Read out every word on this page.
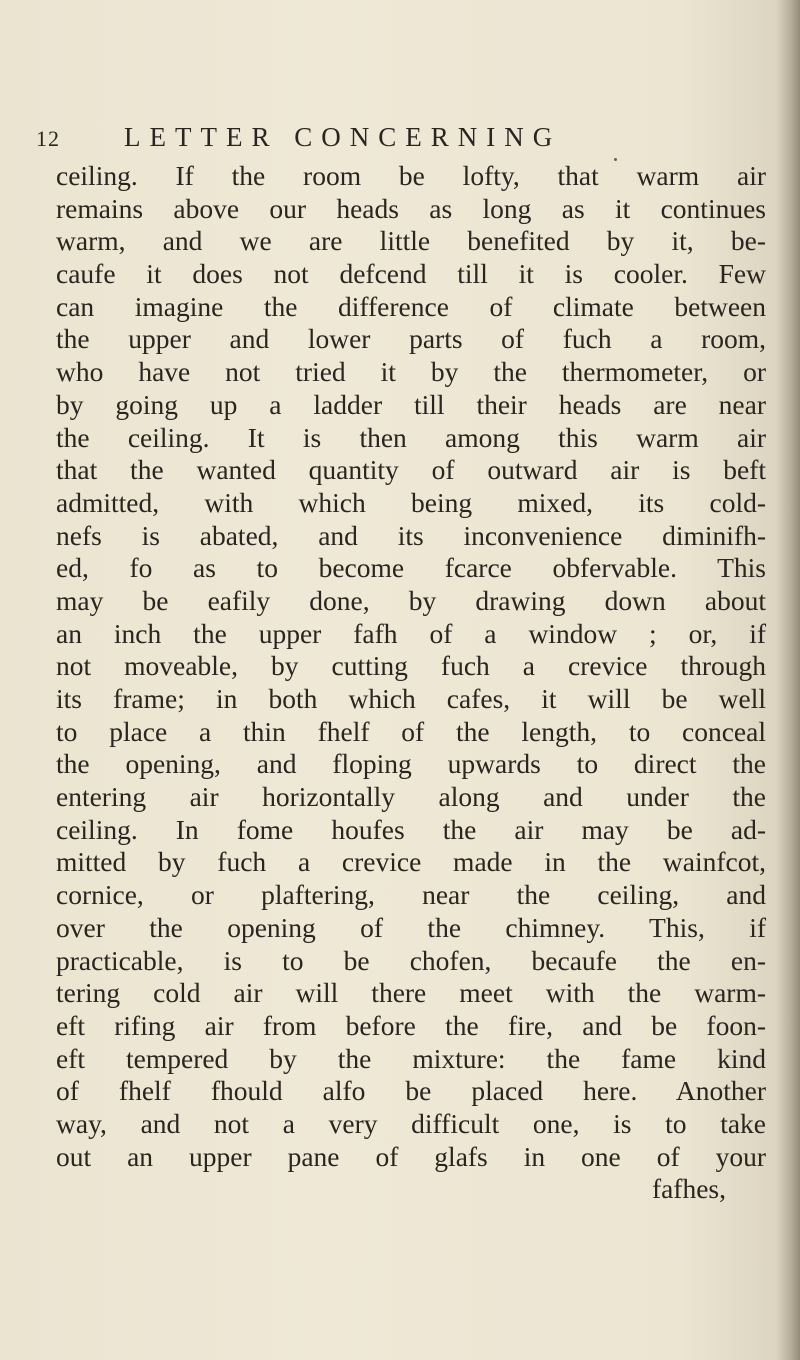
12 LETTER CONCERNING
ceiling. If the room be lofty, that warm air
remains above our heads as long as it continues
warm, and we are little benefited by it, be-
caufe it does not defcend till it is cooler. Few
can imagine the difference of climate between
the upper and lower parts of fuch a room,
who have not tried it by the thermometer, or
by going up a ladder till their heads are near
the ceiling. It is then among this warm air
that the wanted quantity of outward air is beft
admitted, with which being mixed, its cold-
nefs is abated, and its inconvenience diminifh-
ed, fo as to become fcarce obfervable. This
may be eafily done, by drawing down about
an inch the upper fafh of a window ; or, if
not moveable, by cutting fuch a crevice through
its frame; in both which cafes, it will be well
to place a thin fhelf of the length, to conceal
the opening, and floping upwards to direct the
entering air horizontally along and under the
ceiling. In fome houfes the air may be ad-
mitted by fuch a crevice made in the wainfcot,
cornice, or plaftering, near the ceiling, and
over the opening of the chimney. This, if
practicable, is to be chofen, becaufe the en-
tering cold air will there meet with the warm-
eft rifing air from before the fire, and be foon-
eft tempered by the mixture: the fame kind
of fhelf fhould alfo be placed here. Another
way, and not a very difficult one, is to take
out an upper pane of glafs in one of your
fafhes,
